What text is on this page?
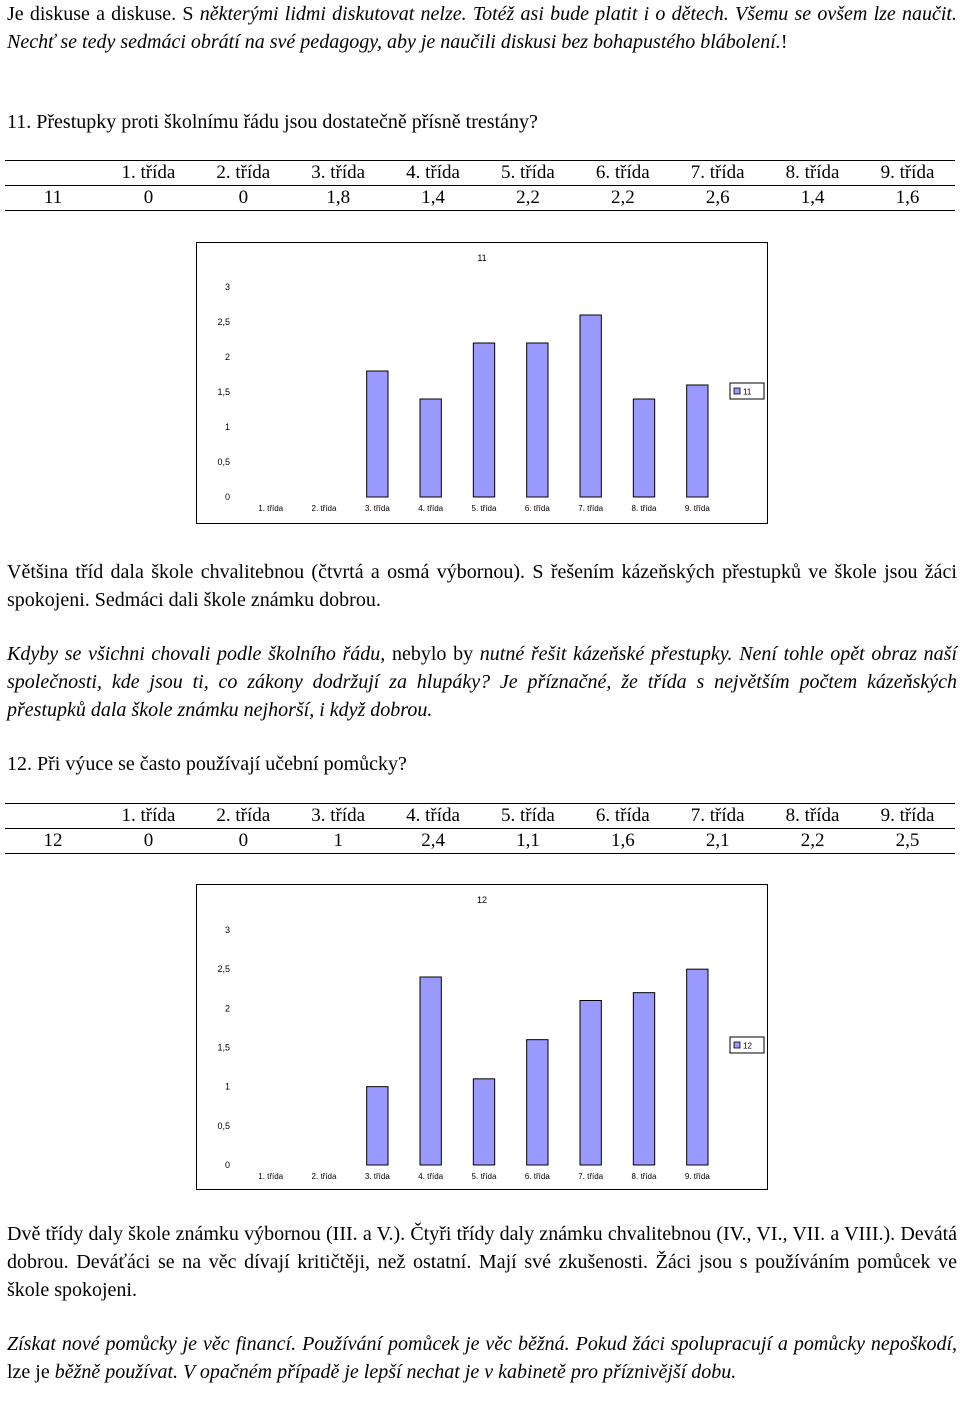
Je diskuse a diskuse. S některými lidmi diskutovat nelze. Totéž asi bude platit i o dětech. Všemu se ovšem lze naučit. Nechť se tedy sedmáci obrátí na své pedagogy, aby je naučili diskusi bez bohapustého blábolení.!

11. Přestupky proti školnímu řádu jsou dostatečně přísně trestány?

	1. třída	2. třída	3. třída	4. třída	5. třída	6. třída	7. třída	8. třída	9. třída
11	0	0	1,8	1,4	2,2	2,2	2,6	1,4	1,6
11
0
0,5
1
1,5
2
2,5
3
1. třída	2. třída	3. třída	4. třída	5. třída	6. třída	7. třída	8. třída	9. třída
11

Většina tříd dala škole chvalitebnou (čtvrtá a osmá výbornou). S řešením kázeňských přestupků ve škole jsou žáci spokojeni. Sedmáci dali škole známku dobrou.

Kdyby se všichni chovali podle školního řádu, nebylo by nutné řešit kázeňské přestupky. Není tohle opět obraz naší společnosti, kde jsou ti, co zákony dodržují za hlupáky? Je příznačné, že třída s největším počtem kázeňských přestupků dala škole známku nejhorší, i když dobrou.

12. Při výuce se často používají učební pomůcky?

	1. třída	2. třída	3. třída	4. třída	5. třída	6. třída	7. třída	8. třída	9. třída
12	0	0	1	2,4	1,1	1,6	2,1	2,2	2,5
12
0
0,5
1
1,5
2
2,5
3
1. třída	2. třída	3. třída	4. třída	5. třída	6. třída	7. třída	8. třída	9. třída
12

Dvě třídy daly škole známku výbornou (III. a V.). Čtyři třídy daly známku chvalitebnou (IV., VI., VII. a VIII.). Devátá dobrou. Deváťáci se na věc dívají kritičtěji, než ostatní. Mají své zkušenosti. Žáci jsou s používáním pomůcek ve škole spokojeni.

Získat nové pomůcky je věc financí. Používání pomůcek je věc běžná. Pokud žáci spolupracují a pomůcky nepoškodí, lze je běžně používat. V opačném případě je lepší nechat je v kabinetě pro příznivější dobu.
